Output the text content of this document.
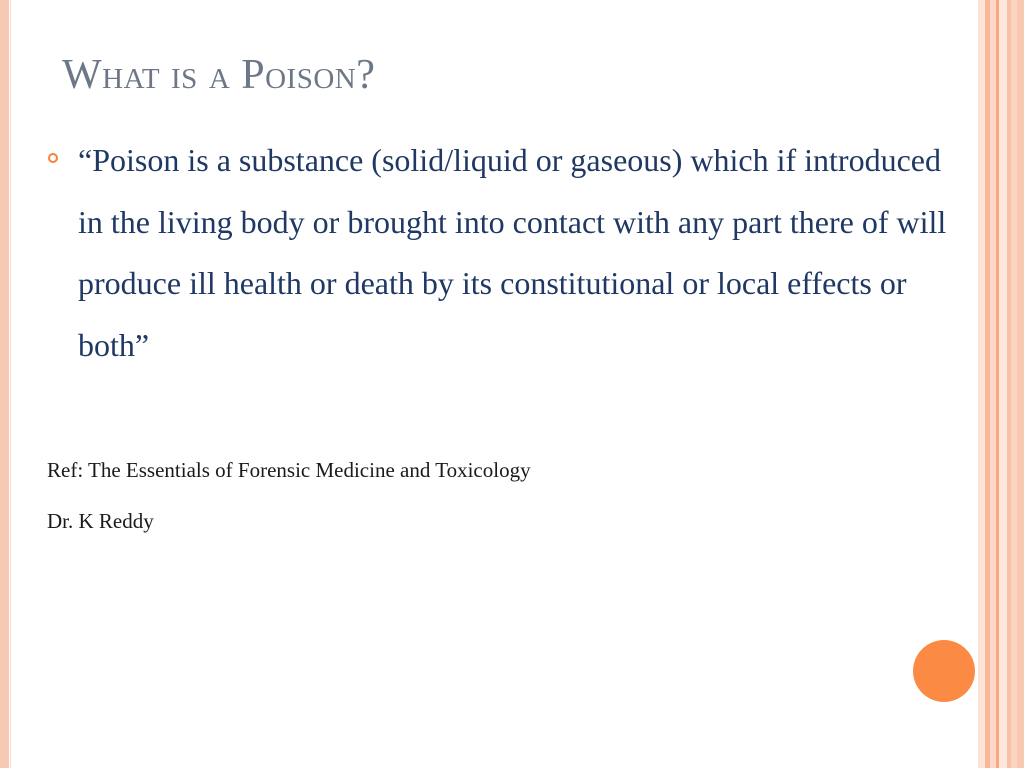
What is a Poison?
“Poison is a substance (solid/liquid or gaseous) which if introduced in the living body or brought into contact with any part there of will produce ill health or death by its constitutional or local effects or both”
Ref: The Essentials of Forensic Medicine and Toxicology
Dr. K Reddy
